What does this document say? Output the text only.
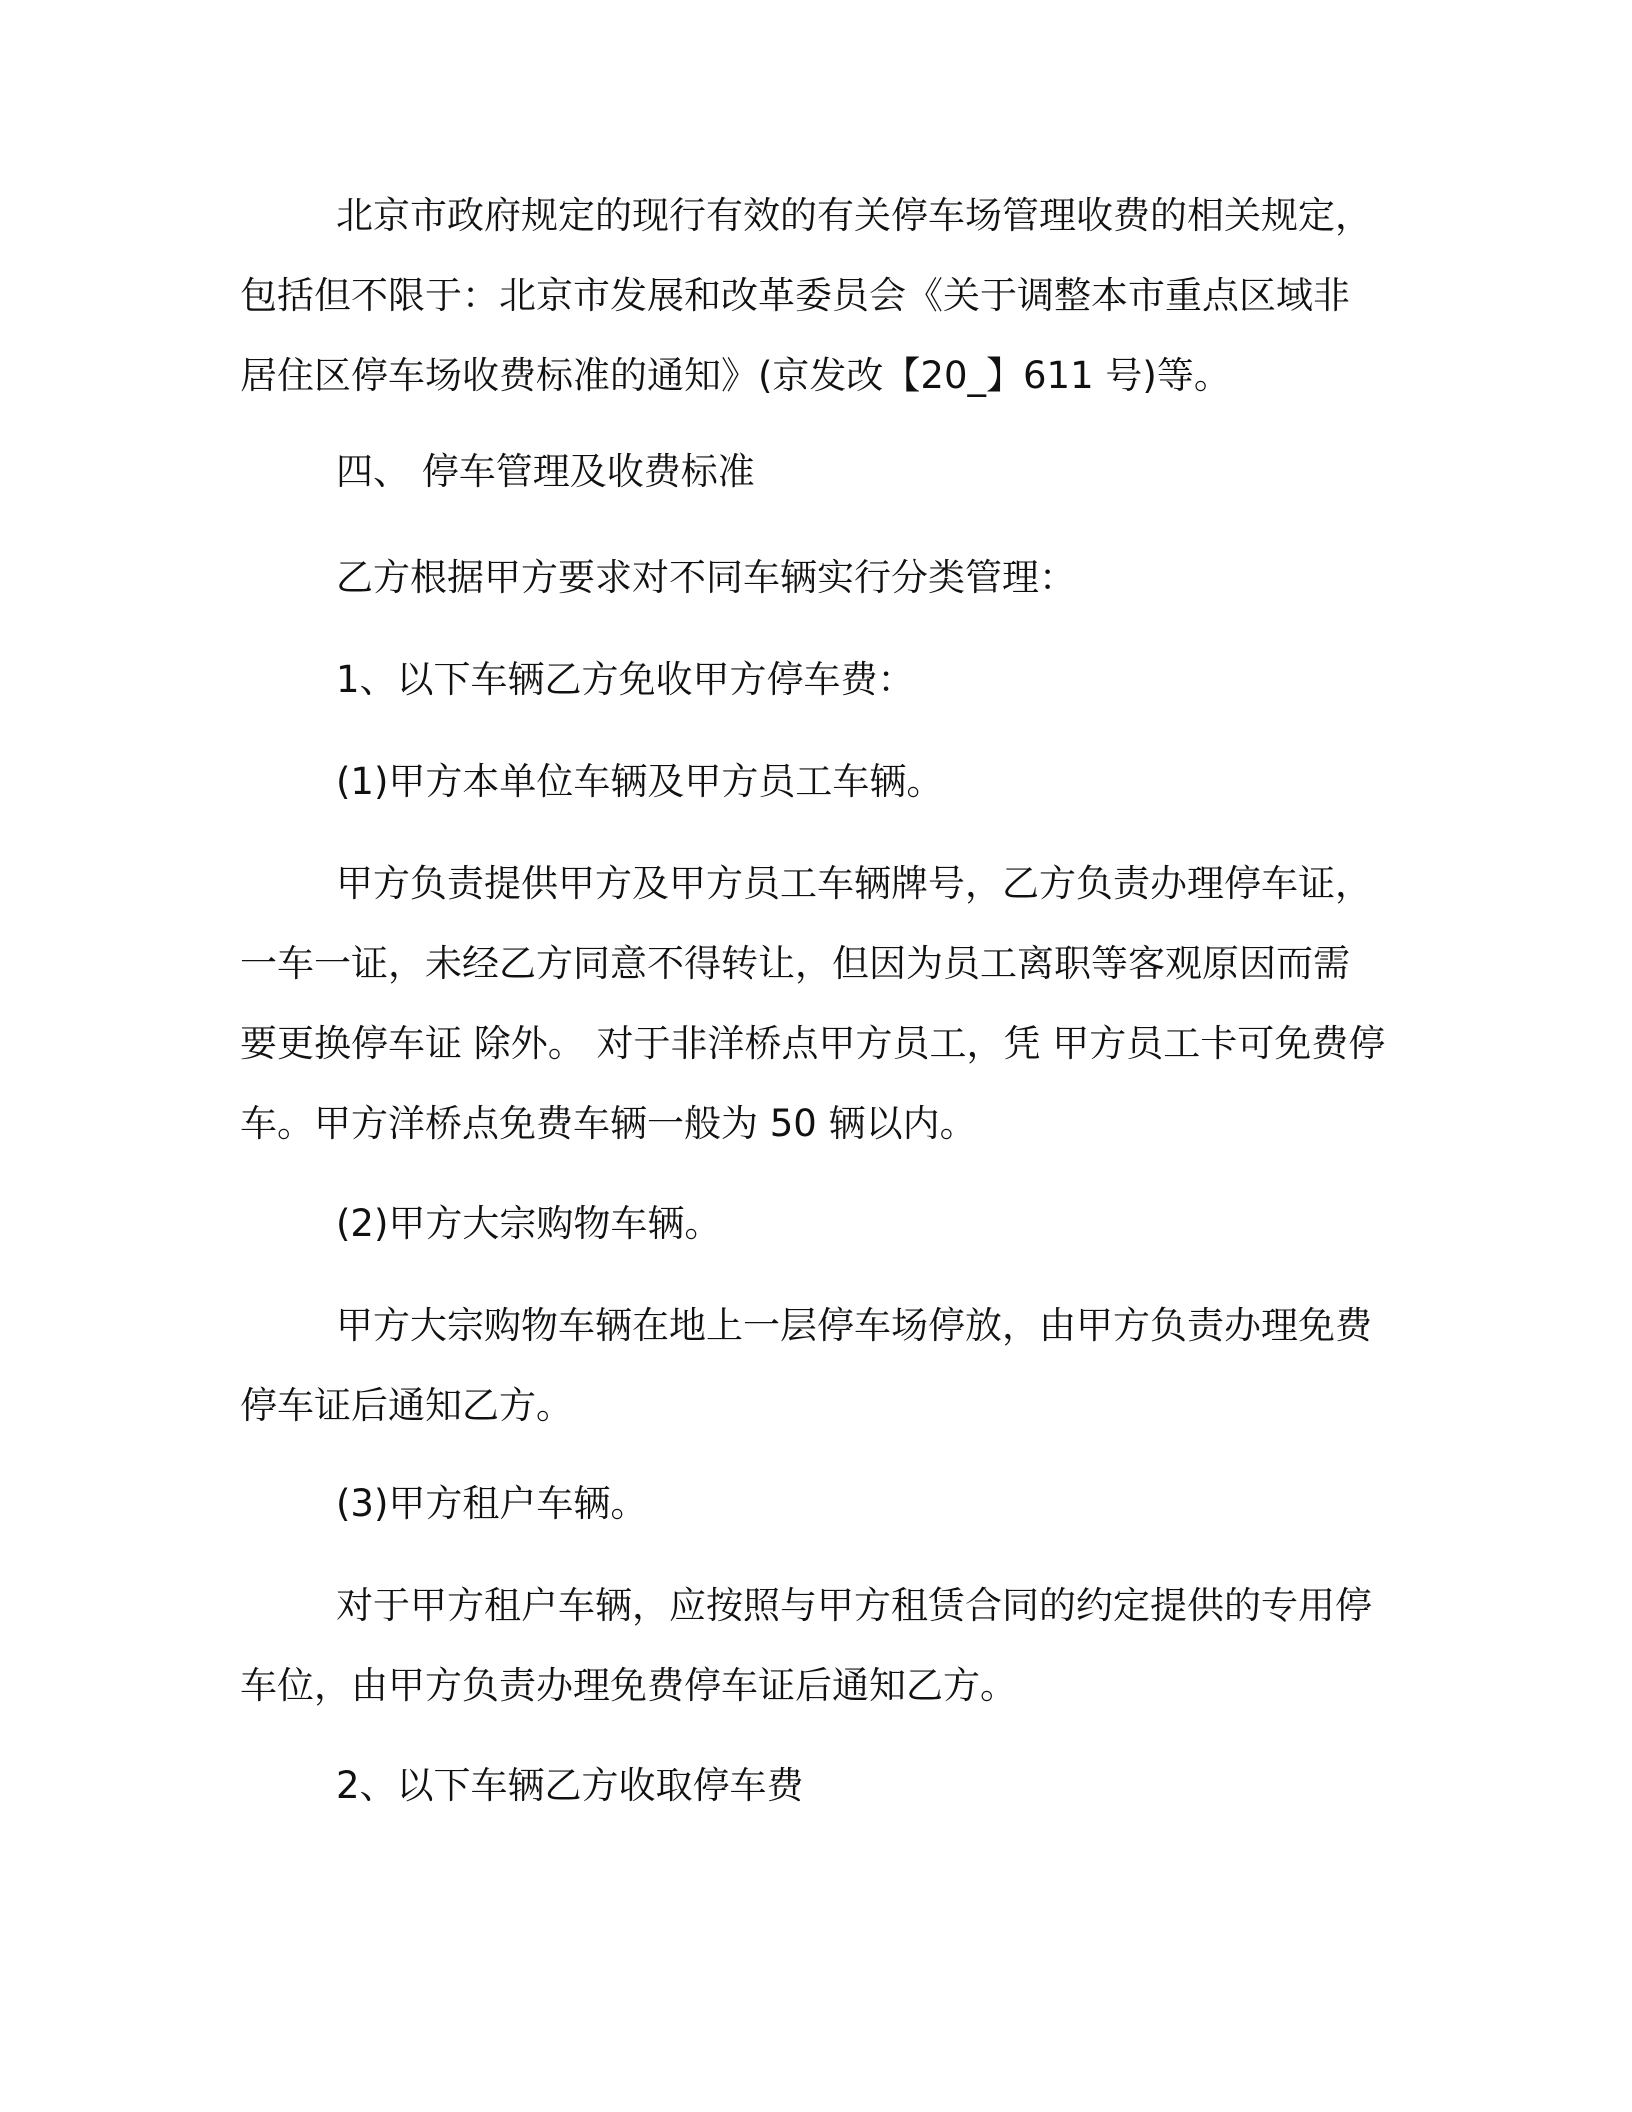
北京市政府规定的现行有效的有关停车场管理收费的相关规定，
包括但不限于：北京市发展和改革委员会《关于调整本市重点区域非
居住区停车场收费标准的通知》(京发改【20_】611 号)等。
四、 停车管理及收费标准
乙方根据甲方要求对不同车辆实行分类管理：
1、以下车辆乙方免收甲方停车费：
(1)甲方本单位车辆及甲方员工车辆。
甲方负责提供甲方及甲方员工车辆牌号，乙方负责办理停车证，
一车一证，未经乙方同意不得转让，但因为员工离职等客观原因而需
要更换停车证 除外。 对于非洋桥点甲方员工，凭 甲方员工卡可免费停
车。甲方洋桥点免费车辆一般为 50 辆以内。
(2)甲方大宗购物车辆。
甲方大宗购物车辆在地上一层停车场停放，由甲方负责办理免费
停车证后通知乙方。
(3)甲方租户车辆。
对于甲方租户车辆，应按照与甲方租赁合同的约定提供的专用停
车位，由甲方负责办理免费停车证后通知乙方。
2、以下车辆乙方收取停车费
